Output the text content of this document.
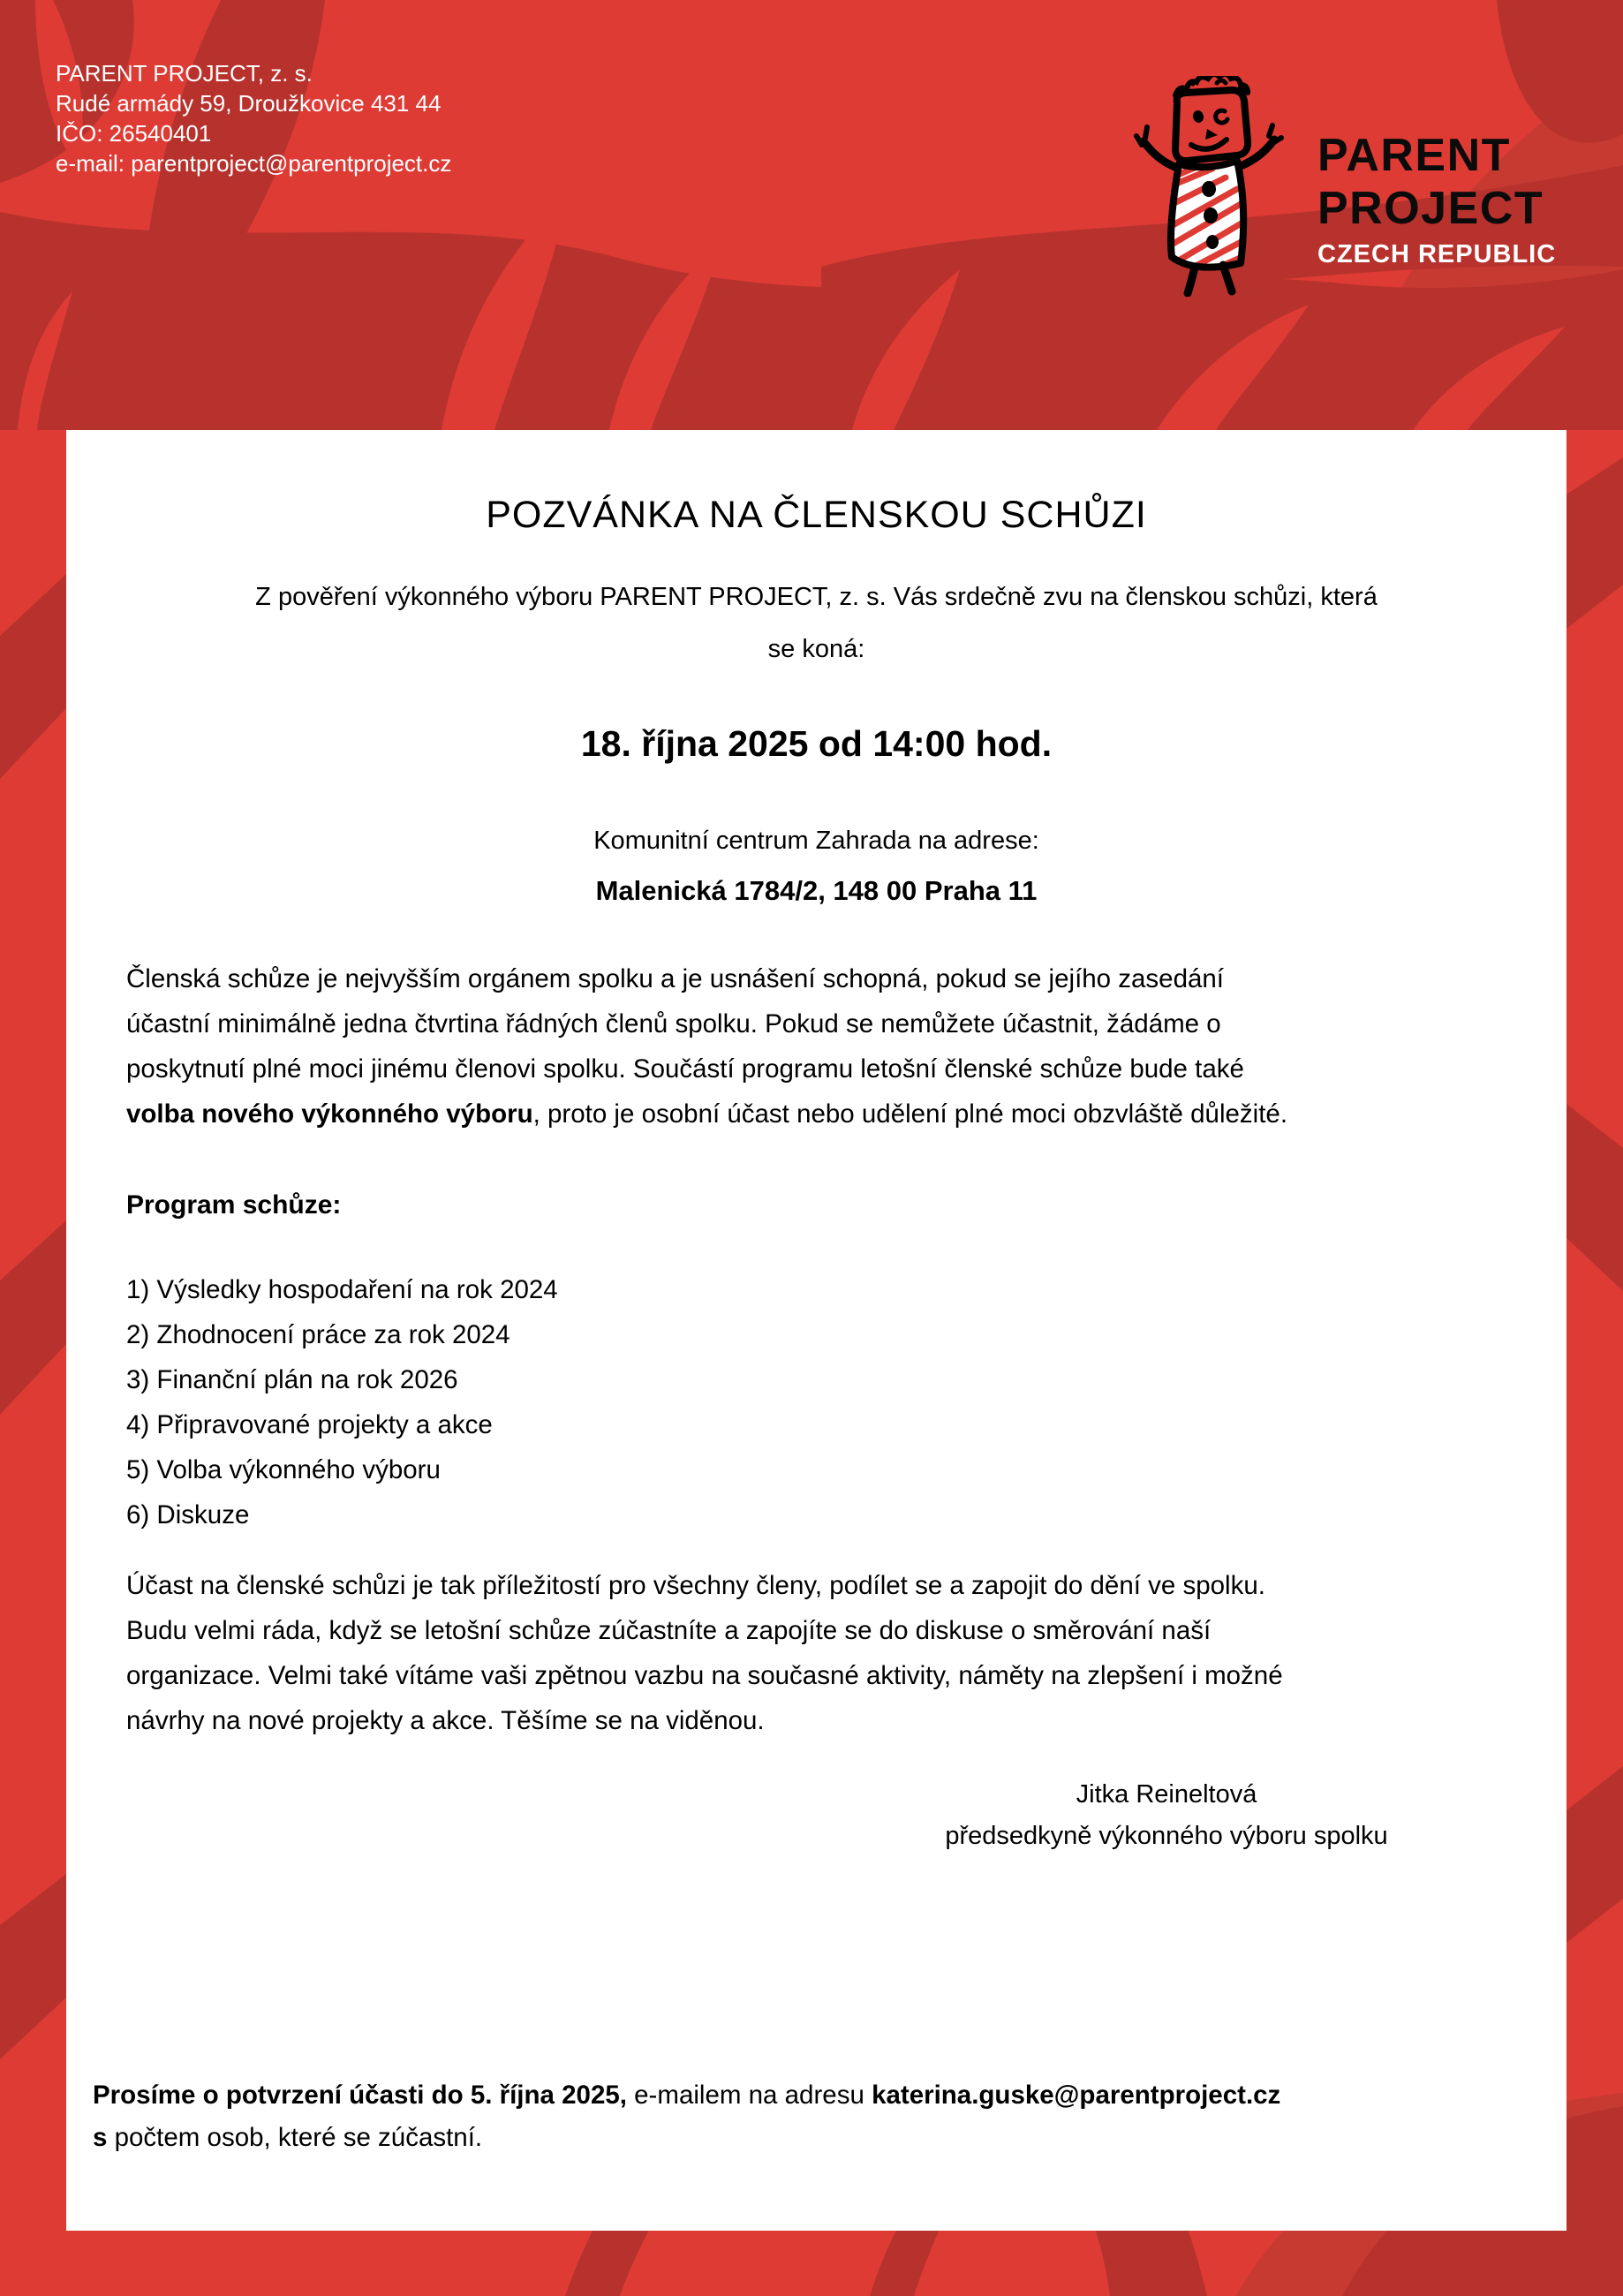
PARENT PROJECT, z. s.
Rudé armády 59, Droužkovice 431 44
IČO: 26540401
e-mail: parentproject@parentproject.cz	PARENT
PROJECT
CZECH REPUBLIC
POZVÁNKA NA ČLENSKOU SCHŮZI
Z pověření výkonného výboru PARENT PROJECT, z. s. Vás srdečně zvu na členskou schůzi, která
se koná:
18. října 2025 od 14:00 hod.
Komunitní centrum Zahrada na adrese:
Malenická 1784/2, 148 00 Praha 11
Členská schůze je nejvyšším orgánem spolku a je usnášení schopná, pokud se jejího zasedání
účastní minimálně jedna čtvrtina řádných členů spolku. Pokud se nemůžete účastnit, žádáme o
poskytnutí plné moci jinému členovi spolku. Součástí programu letošní členské schůze bude také
volba nového výkonného výboru, proto je osobní účast nebo udělení plné moci obzvláště důležité.
Program schůze:
1) Výsledky hospodaření na rok 2024
2) Zhodnocení práce za rok 2024
3) Finanční plán na rok 2026
4) Připravované projekty a akce
5) Volba výkonného výboru
6) Diskuze
Účast na členské schůzi je tak příležitostí pro všechny členy, podílet se a zapojit do dění ve spolku.
Budu velmi ráda, když se letošní schůze zúčastníte a zapojíte se do diskuse o směrování naší
organizace. Velmi také vítáme vaši zpětnou vazbu na současné aktivity, náměty na zlepšení i možné
návrhy na nové projekty a akce. Těšíme se na viděnou.
Jitka Reineltová
předsedkyně výkonného výboru spolku
Prosíme o potvrzení účasti do 5. října 2025, e-mailem na adresu katerina.guske@parentproject.cz
s počtem osob, které se zúčastní.
